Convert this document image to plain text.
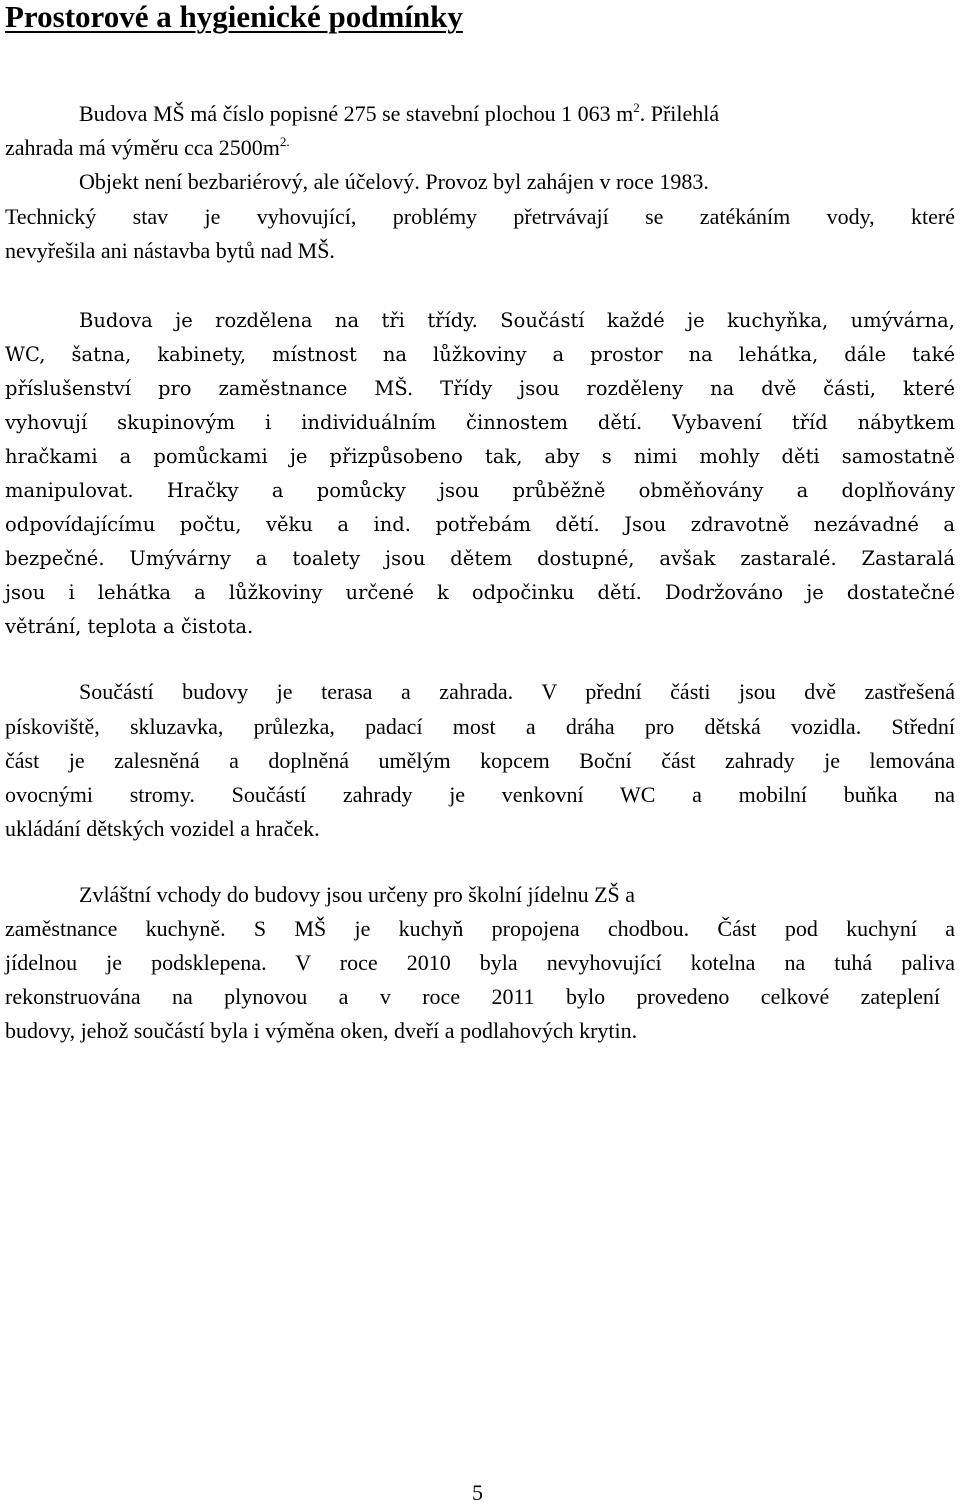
Prostorové a hygienické podmínky
Budova MŠ má číslo popisné 275 se stavební plochou 1 063 $m^2$. Přilehlá
zahrada má výměru cca $2500m^{2.}$
Objekt není bezbariérový, ale účelový. Provoz byl zahájen v roce 1983.
Technický stav je vyhovující, problémy přetrvávají se zatékáním vody, které
nevyřešila ani nástavba bytů nad MŠ.
Budova je rozdělena na tři třídy. Součástí každé je kuchyňka, umývárna,
WC, šatna, kabinety, místnost na lůžkoviny a prostor na lehátka, dále také
příslušenství pro zaměstnance MŠ. Třídy jsou rozděleny na dvě části, které
vyhovují skupinovým i individuálním činnostem dětí. Vybavení tříd nábytkem
hračkami a pomůckami je přizpůsobeno tak, aby s nimi mohly děti samostatně
manipulovat. Hračky a pomůcky jsou průběžně obměňovány a doplňovány
odpovídajícímu počtu, věku a ind. potřebám dětí. Jsou zdravotně nezávadné a
bezpečné. Umývárny a toalety jsou dětem dostupné, avšak zastaralé. Zastaralá
jsou i lehátka a lůžkoviny určené k odpočinku dětí. Dodržováno je dostatečné
větrání, teplota a čistota.
Součástí budovy je terasa a zahrada. V přední části jsou dvě zastřešená
pískoviště, skluzavka, průlezka, padací most a dráha pro dětská vozidla. Střední
část je zalesněná a doplněná umělým kopcem Boční část zahrady je lemována
ovocnými stromy. Součástí zahrady je venkovní WC a mobilní buňka na
ukládání dětských vozidel a hraček.
Zvláštní vchody do budovy jsou určeny pro školní jídelnu ZŠ a
zaměstnance kuchyně. S MŠ je kuchyň propojena chodbou. Část pod kuchyní a
jídelnou je podsklepena. V roce 2010 byla nevyhovující kotelna na tuhá paliva
rekonstruována na plynovou a v roce 2011 bylo provedeno celkové zateplení
budovy, jehož součástí byla i výměna oken, dveří a podlahových krytin.
5
